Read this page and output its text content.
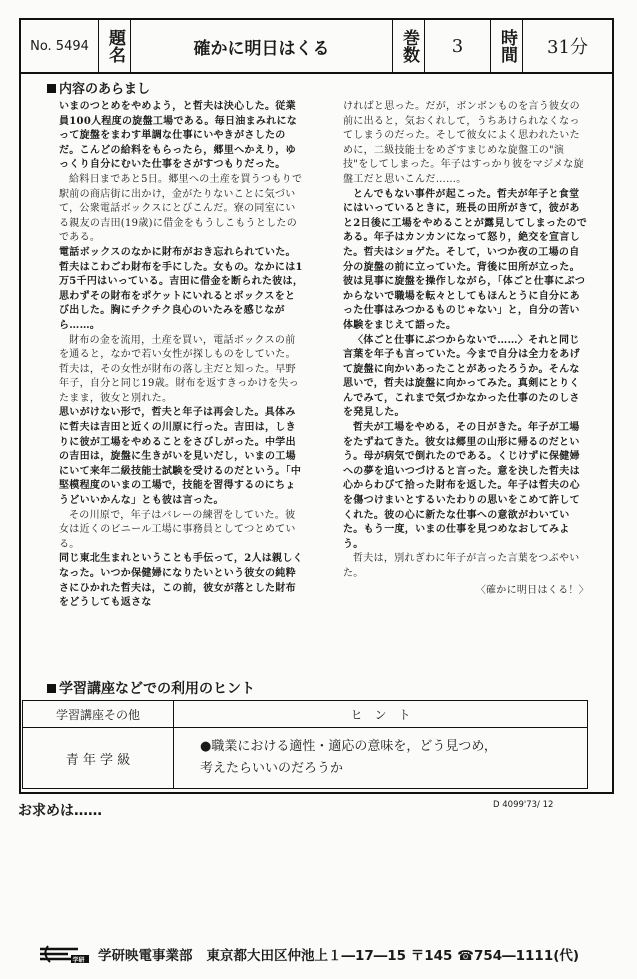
No. 5494 題名	確かに明日はくる	巻数	3	時間	31分
内容のあらまし

いまのつとめをやめよう，と哲夫は決心した。従業員100人程度の旋盤工場である。毎日油まみれになって旋盤をまわす単調な仕事にいやきがさしたのだ。こんどの給料をもらったら，郷里へかえり，ゆっくり自分にむいた仕事をさがすつもりだった。

給料日まであと5日。郷里への土産を買うつもりで駅前の商店街に出かけ，金がたりないことに気づいて，公衆電話ボックスにとびこんだ。寮の同室にいる親友の吉田(19歳)に借金をもうしこもうとしたのである。

電話ボックスのなかに財布がおき忘れられていた。哲夫はこわごわ財布を手にした。女もの。なかには1万5千円はいっている。吉田に借金を断られた彼は，思わずその財布をポケットにいれるとボックスをとび出した。胸にチクチク良心のいたみを感じながら……。

財布の金を流用，土産を買い，電話ボックスの前を通ると，なかで若い女性が探しものをしていた。哲夫は，その女性が財布の落し主だと知った。早野年子，自分と同じ19歳。財布を返すきっかけを失ったまま，彼女と別れた。

思いがけない形で，哲夫と年子は再会した。具体みに哲夫は吉田と近くの川原に行った。吉田は，しきりに彼が工場をやめることをさびしがった。中学出の吉田は，旋盤に生きがいを見いだし，いまの工場にいて来年二級技能士試験を受けるのだという。「中堅模程度のいまの工場で，技能を習得するのにちょうどいいかんな」とも彼は言った。

その川原で，年子はバレーの練習をしていた。彼女は近くのビニール工場に事務員としてつとめている。

同じ東北生まれということも手伝って，2人は親しくなった。いつか保健婦になりたいという彼女の純粋さにひかれた哲夫は，この前，彼女が落とした財布をどうしても返さな

ければと思った。だが，ボンボンものを言う彼女の前に出ると，気おくれして，うちあけられなくなってしまうのだった。そして彼女によく思われたいために，二級技能士をめざすまじめな旋盤工の"演技"をしてしまった。年子はすっかり彼をマジメな旋盤工だと思いこんだ……。

とんでもない事件が起こった。哲夫が年子と食堂にはいっているときに，班長の田所がきて，彼があと2日後に工場をやめることが露見してしまったのである。年子はカンカンになって怒り，絶交を宣言した。哲夫はショゲた。そして，いつか夜の工場の自分の旋盤の前に立っていた。背後に田所が立った。彼は見事に旋盤を操作しながら，「体ごと仕事にぶつからないで職場を転々としてもほんとうに自分にあった仕事はみつかるものじゃない」と，自分の苦い体験をまじえて語った。

〈体ごと仕事にぶつからないで……〉それと同じ言葉を年子も言っていた。今まで自分は全力をあげて旋盤に向かいあったことがあったろうか。そんな思いで，哲夫は旋盤に向かってみた。真剣にとりくんでみて，これまで気づかなかった仕事のたのしさを発見した。

哲夫が工場をやめる，その日がきた。年子が工場をたずねてきた。彼女は郷里の山形に帰るのだという。母が病気で倒れたのである。くじけずに保健婦への夢を追いつづけると言った。意を決した哲夫は心からわびて拾った財布を返した。年子は哲夫の心を傷つけまいとするいたわりの思いをこめて許してくれた。彼の心に新たな仕事への意欲がわいていた。もう一度，いまの仕事を見つめなおしてみよう。

哲夫は，別れぎわに年子が言った言葉をつぶやいた。

〈確かに明日はくる！〉

学習講座などでの利用のヒント
学習講座その他	ヒ　ン　ト
青 年 学 級	●職業における適性・適応の意味を，どう見つめ，
考えたらいいのだろうか
お求めは……	D 4099'73/ 12
学研 学研映電事業部 東京都大田区仲池上１―17―15 〒145 ☎754―1111(代)
